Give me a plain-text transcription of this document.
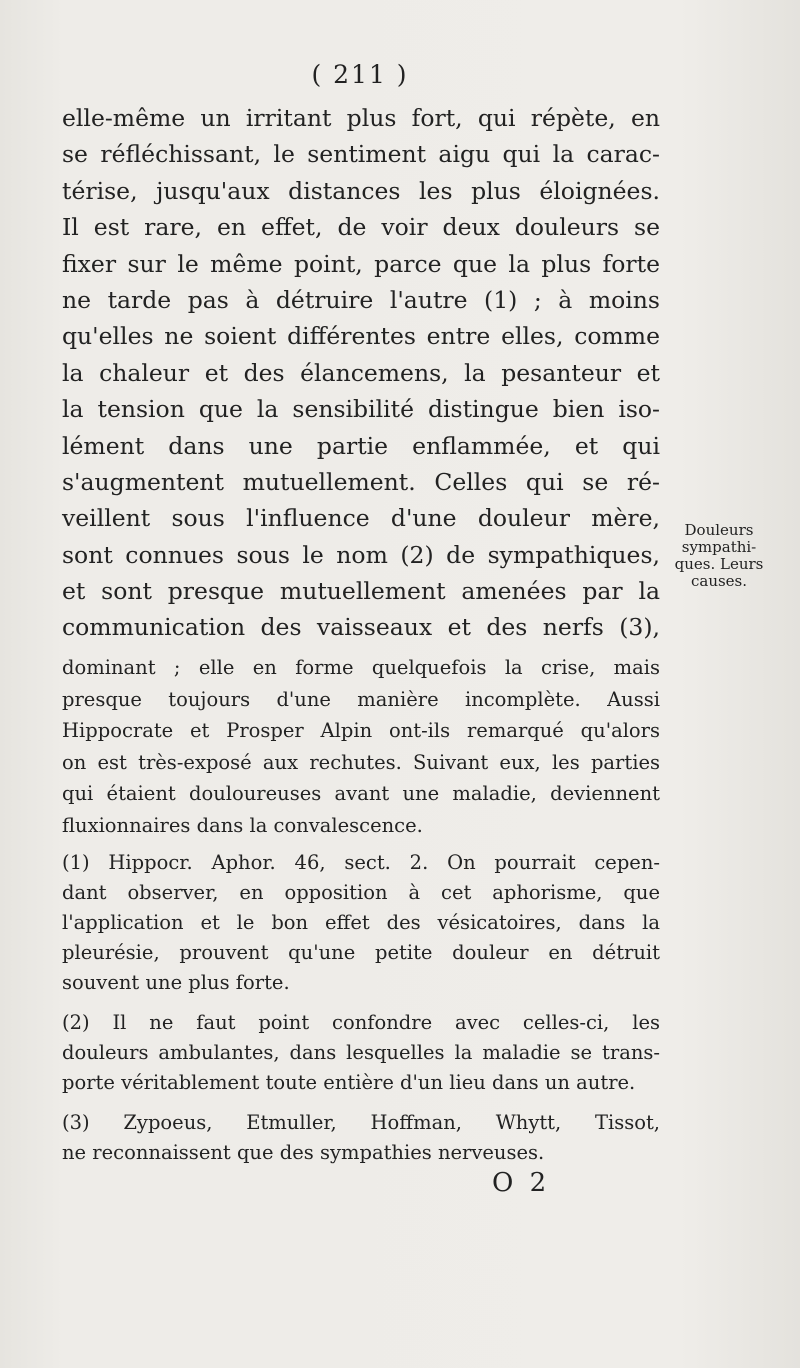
( 211 )
elle-même un irritant plus fort, qui répète, en
se réfléchissant, le sentiment aigu qui la carac-
térise, jusqu'aux distances les plus éloignées.
Il est rare, en effet, de voir deux douleurs se
fixer sur le même point, parce que la plus forte
ne tarde pas à détruire l'autre (1) ; à moins
qu'elles ne soient différentes entre elles, comme
la chaleur et des élancemens, la pesanteur et
la tension que la sensibilité distingue bien iso-
lément dans une partie enflammée, et qui
s'augmentent mutuellement. Celles qui se ré-
veillent sous l'influence d'une douleur mère,
sont connues sous le nom (2) de sympathiques,
et sont presque mutuellement amenées par la
communication des vaisseaux et des nerfs (3),
Douleurs
sympathi-
ques. Leurs
causes.
dominant ; elle en forme quelquefois la crise, mais
presque toujours d'une manière incomplète. Aussi
Hippocrate et Prosper Alpin ont-ils remarqué qu'alors
on est très-exposé aux rechutes. Suivant eux, les parties
qui étaient douloureuses avant une maladie, deviennent
fluxionnaires dans la convalescence.
(1) Hippocr. Aphor. 46, sect. 2. On pourrait cepen-
dant observer, en opposition à cet aphorisme, que
l'application et le bon effet des vésicatoires, dans la
pleurésie, prouvent qu'une petite douleur en détruit
souvent une plus forte.
(2) Il ne faut point confondre avec celles-ci, les
douleurs ambulantes, dans lesquelles la maladie se trans-
porte véritablement toute entière d'un lieu dans un autre.
(3) Zypoeus, Etmuller, Hoffman, Whytt, Tissot,
ne reconnaissent que des sympathies nerveuses.
O 2
